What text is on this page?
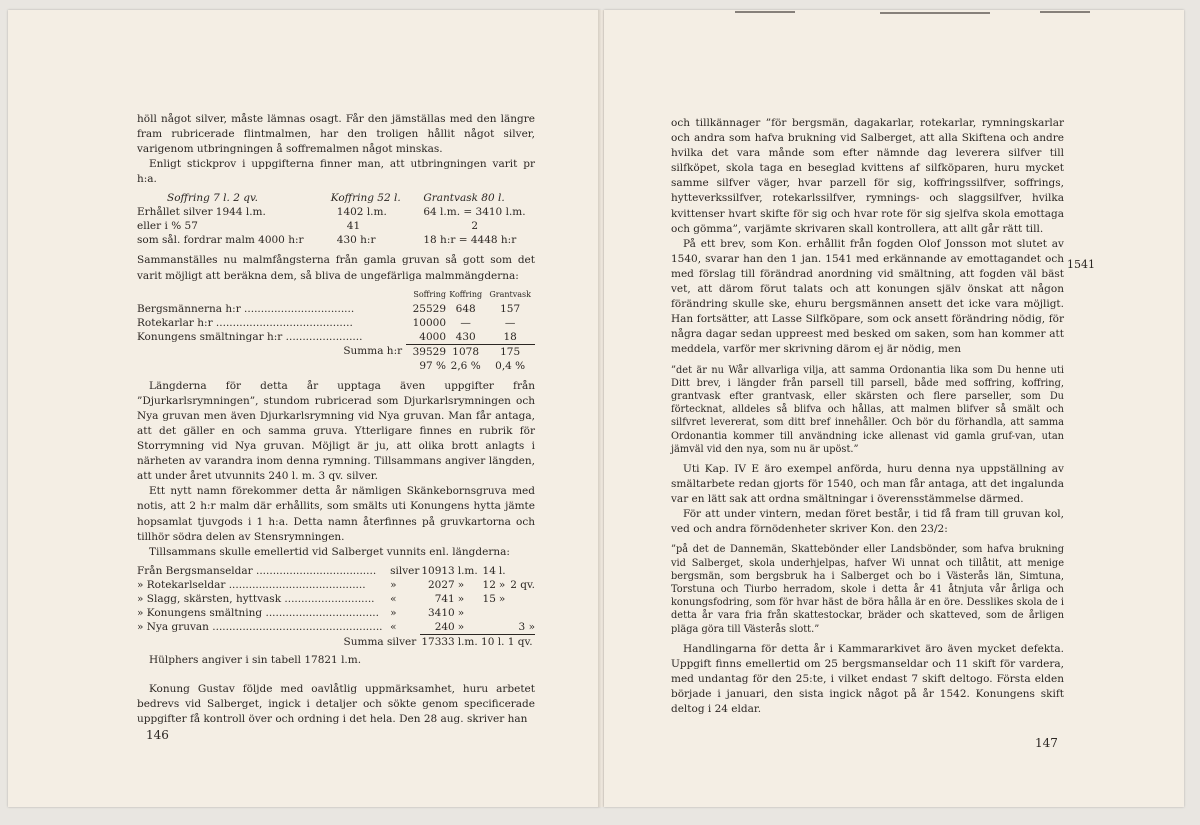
höll något silver, måste lämnas osagt. Får den jämställas med den längre fram rubricerade flintmalmen, har den troligen hållit något silver, varigenom utbringningen å soffremalmen något minskas.

Enligt stickprov i uppgifterna finner man, att utbringningen varit pr h:a.

Soffring 7 l. 2 qv.	Koffring 52 l.	Grantvask 80 l.
Erhållet silver 1944 l.m.	1402 l.m.	64 l.m. = 3410 l.m.
eller i % 57	41	2
som sål. fordrar malm 4000 h:r	430 h:r	18 h:r = 4448 h:r

Sammanställes nu malmfångsterna från gamla gruvan så gott som det varit möjligt att beräkna dem, så bliva de ungefärliga malmmängderna:

	Soffring	Koffring	Grantvask
Bergsmännerna h:r .................................	25529	648	157
Rotekarlar h:r .........................................	10000	—	—
Konungens smältningar h:r .......................	4000	430	18
Summa h:r	39529	1078	175
	97 %	2,6 %	0,4 %

Längderna för detta år upptaga även uppgifter från ”Djurkarlsrymningen”, stundom rubricerad som Djurkarlsrymningen och Nya gruvan men även Djurkarlsrymning vid Nya gruvan. Man får antaga, att det gäller en och samma gruva. Ytterligare finnes en rubrik för Storrymning vid Nya gruvan. Möjligt är ju, att olika brott anlagts i närheten av varandra inom denna rymning. Tillsammans angiver längden, att under året utvunnits 240 l. m. 3 qv. silver.

Ett nytt namn förekommer detta år nämligen Skänkebornsgruva med notis, att 2 h:r malm där erhållits, som smälts uti Konungens hytta jämte hopsamlat tjuvgods i 1 h:a. Detta namn återfinnes på gruvkartorna och tillhör södra delen av Stensrymningen.

Tillsammans skulle emellertid vid Salberget vunnits enl. längderna:

Från Bergsmanseldar ....................................	silver	10913	l.m.	14	l.	
» Rotekarlseldar .........................................	»	2027	»	12	»	2 qv.
» Slagg, skärsten, hyttvask ...........................	«	741	»	15	»	
» Konungens smältning ..................................	»	3410	»			
» Nya gruvan ...................................................	«	240	»			3 »
Summa silver		17333	l.m. 10 l. 1 qv.			

Hülphers angiver i sin tabell 17821 l.m.

Konung Gustav följde med oavlåtlig uppmärksamhet, huru arbetet bedrevs vid Salberget, ingick i detaljer och sökte genom specificerade uppgifter få kontroll över och ordning i det hela. Den 28 aug. skriver han

146

och tillkännager ”för bergsmän, dagakarlar, rotekarlar, rymningskarlar och andra som hafva brukning vid Salberget, att alla Skiftena och andre hvilka det vara månde som efter nämnde dag leverera silfver till silfköpet, skola taga en beseglad kvittens af silfköparen, huru mycket samme silfver väger, hvar parzell för sig, koffringssilfver, soffrings, hytteverkssilfver, rotekarlssilfver, rymnings- och slaggsilfver, hvilka kvittenser hvart skifte för sig och hvar rote för sig sjelfva skola emottaga och gömma”, varjämte skrivaren skall kontrollera, att allt går rätt till.

På ett brev, som Kon. erhållit från fogden Olof Jonsson mot slutet av 1540, svarar han den 1 jan. 1541 med erkännande av emottagandet och med förslag till förändrad anordning vid smältning, att fogden väl bäst vet, att därom förut talats och att konungen själv önskat att någon förändring skulle ske, ehuru bergsmännen ansett det icke vara möjligt. Han fortsätter, att Lasse Silfköpare, som ock ansett förändring nödig, för några dagar sedan uppreest med besked om saken, som han kommer att meddela, varför mer skrivning därom ej är nödig, men

”det är nu Wår allvarliga vilja, att samma Ordonantia lika som Du henne uti Ditt brev, i längder från parsell till parsell, både med soffring, koffring, grantvask efter grantvask, eller skärsten och flere parseller, som Du förtecknat, alldeles så blifva och hållas, att malmen blifver så smält och silfvret levererat, som ditt bref innehåller. Och bör du förhandla, att samma Ordonantia kommer till användning icke allenast vid gamla gruf-van, utan jämväl vid den nya, som nu är upöst.”

Uti Kap. IV E äro exempel anförda, huru denna nya uppställning av smältarbete redan gjorts för 1540, och man får antaga, att det ingalunda var en lätt sak att ordna smältningar i överensstämmelse därmed.

För att under vintern, medan föret består, i tid få fram till gruvan kol, ved och andra förnödenheter skriver Kon. den 23/2:

”på det de Dannemän, Skattebönder eller Landsbönder, som hafva brukning vid Salberget, skola underhjelpas, hafver Wi unnat och tillåtit, att menige bergsmän, som bergsbruk ha i Salberget och bo i Västerås län, Simtuna, Torstuna och Tiurbo herradom, skole i detta år 41 åtnjuta vår årliga och konungsfodring, som för hvar häst de böra hålla är en öre. Desslikes skola de i detta år vara fria från skattestockar, bräder och skatteved, som de årligen pläga göra till Västerås slott.”

Handlingarna för detta år i Kammararkivet äro även mycket defekta. Uppgift finns emellertid om 25 bergsmanseldar och 11 skift för vardera, med undantag för den 25:te, i vilket endast 7 skift deltogo. Första elden började i januari, den sista ingick något på år 1542. Konungens skift deltog i 24 eldar.

1541
147
